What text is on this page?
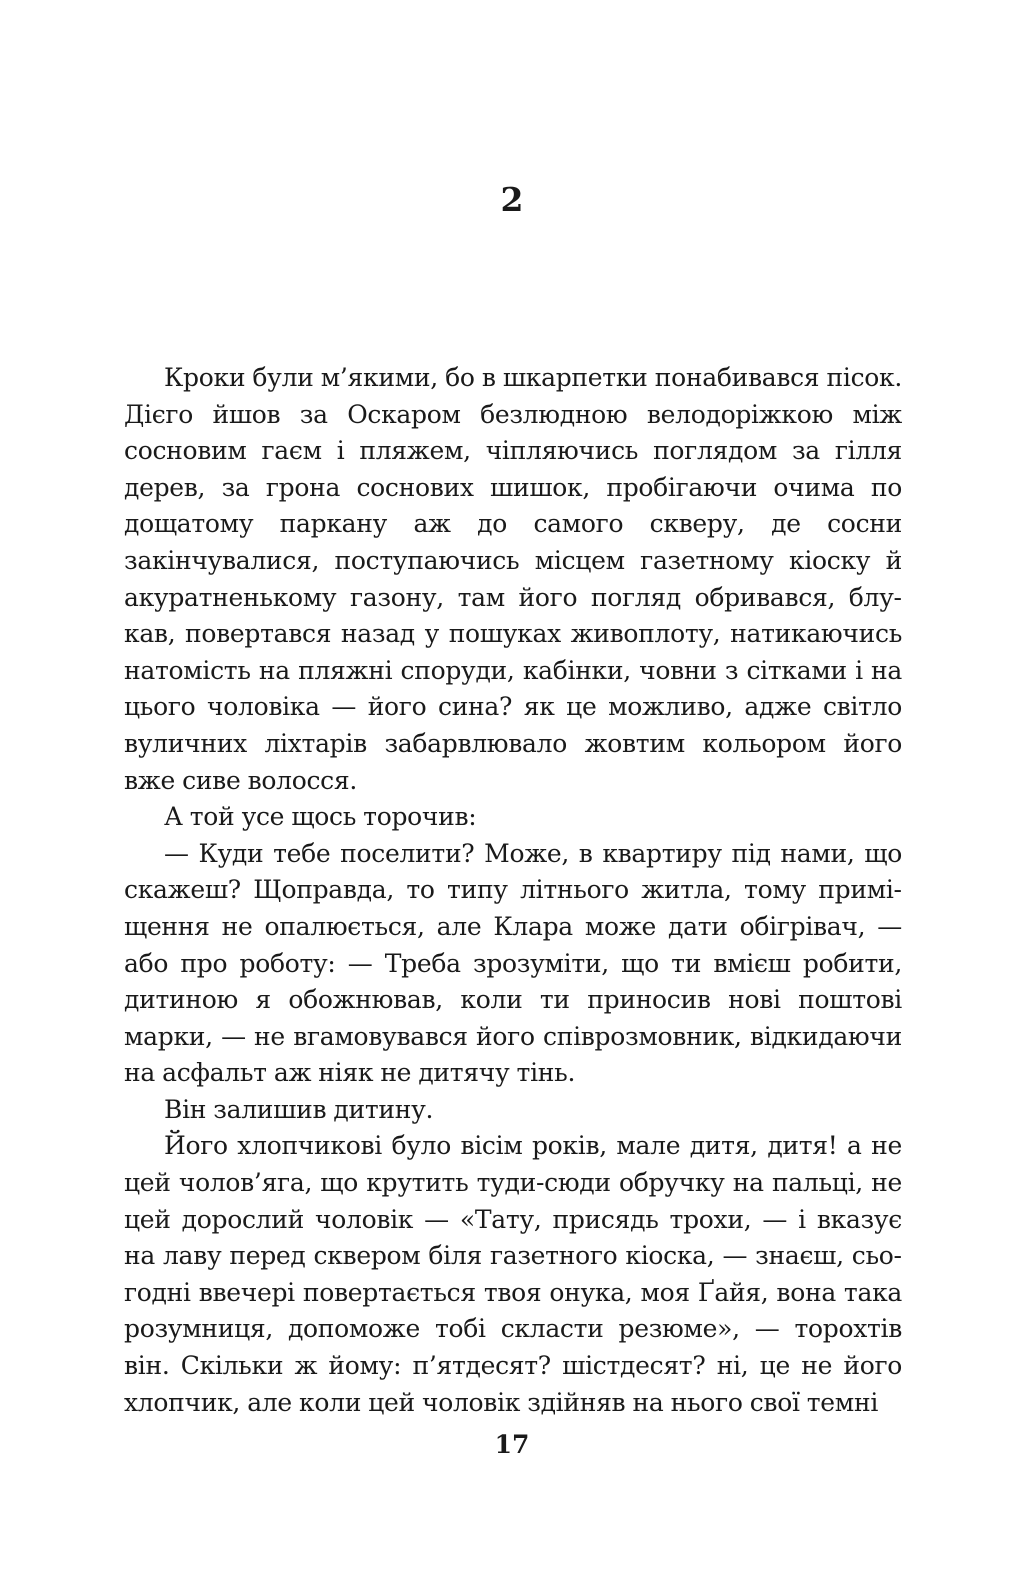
2

Кроки були м’якими, бо в шкарпетки понабивався пісок. Дієго йшов за Оскаром безлюдною велодоріжкою між сосновим гаєм і пляжем, чіпляючись поглядом за гілля дерев, за грона соснових шишок, пробігаючи очима по дощатому паркану аж до самого скверу, де сосни закінчувалися, поступаючись місцем газетному кіоску й акуратненькому газону, там його погляд обривався, блукав, повертався назад у пошуках живоплоту, натикаючись натомість на пляжні споруди, кабінки, човни з сітками і на цього чоловіка — його сина? як це можливо, адже світло вуличних ліхтарів забарвлювало жовтим кольором його вже сиве волосся.

А той усе щось торочив:

— Куди тебе поселити? Може, в квартиру під нами, що скажеш? Щоправда, то типу літнього житла, тому приміщення не опалюється, але Клара може дати обігрівач, — або про роботу: — Треба зрозуміти, що ти вмієш робити, дитиною я обожнював, коли ти приносив нові поштові марки, — не вгамовувався його співрозмовник, відкидаючи на асфальт аж ніяк не дитячу тінь.

Він залишив дитину.

Його хлопчикові було вісім років, мале дитя, дитя! а не цей чолов’яга, що крутить туди-сюди обручку на пальці, не цей дорослий чоловік — «Тату, присядь трохи, — і вказує на лаву перед сквером біля газетного кіоска, — знаєш, сьогодні ввечері повертається твоя онука, моя Ґайя, вона така розумниця, допоможе тобі скласти резюме», — торохтів він. Скільки ж йому: п’ятдесят? шістдесят? ні, це не його хлопчик, але коли цей чоловік здійняв на нього свої темні

17
